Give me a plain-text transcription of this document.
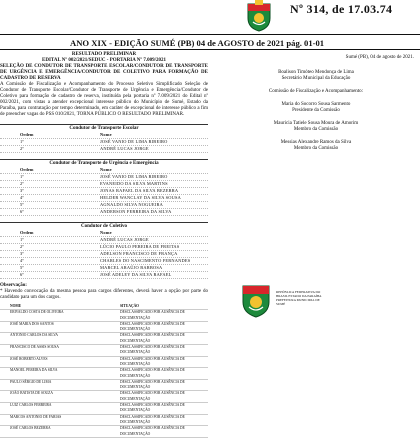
Nº 314, de 17.03.74
ANO XIX - EDIÇÃO SUMÉ (PB) 04 de AGOSTO de 2021 pág. 01-01
RESULTADO PRELIMINAR
EDITAL Nº 002/2021/SEDUC - PORTARIA Nº 7.009/2021
SELEÇÃO DE CONDUTOR DE TRANSPORTE ESCOLAR/CONDUTOR DE TRANSPORTE DE URGÊNCIA E EMERGÊNCIA/CONDUTOR DE COLETIVO PARA FORMAÇÃO DE CADASTRO DE RESERVA
A Comissão de Fiscalização e Acompanhamento do Processo Seletivo Simplificado Seleção de Condutor de Transporte Escolar/Condutor de Transporte de Urgência e Emergência/Condutor de Coletivo para formação de cadastro de reserva, instituída pela portaria nº 7.009/2021 do Edital nº 002/2021, com vistas a atender excepcional interesse público do Município de Sumé, Estado da Paraíba, para contratação por tempo determinado, em caráter de excepcional de interesse público a fim de preencher vagas do PSS 010/2021, TORNA PÚBLICO O RESULTADO PRELIMINAR.
Condutor de Transporte Escolar
Ordem	Nome
1º	JOSÉ VANIO DE LIMA RIBEIRO
2º	ANDRÉ LUCAS JORGE
Condutor de Transporte de Urgência e Emergência
Ordem	Nome
1º	JOSÉ VANIO DE LIMA RIBEIRO
2º	EVANEIDO DA SILVA MARTINS
3º	JONAS RAFAEL DA SILVA BEZERRA
4º	HELDER WANCLAY DA SILVA SOUSA
5º	AGNALDO SILVA NOGUEIRA
6º	ANDERSON FERREIRA DA SILVA
Condutor de Coletivo
Ordem	Nome
1º	ANDRÉ LUCAS JORGE
2º	LÚCIO PAULO PEREIRA DE FREITAS
3º	ADELSON FRANCISCO DE FRANÇA
4º	CHARLES DO NASCIMENTO FERNANDES
5º	MARCEL ARAÚJO BARBOSA
6º	JOSÉ ADELEY DA SILVA RAFAEL
Observação:
* Havendo convocação da mesma pessoa para cargos diferentes, deverá haver a opção por parte do candidato para um dos cargos.
NOME	SITUAÇÃO
ERIVALDO COSTA DE OLIVEIRA	DESCLASSIFICADO POR AUSÊNCIA DE DOCUMENTAÇÃO
JOSÉ MARIA DOS SANTOS	DESCLASSIFICADO POR AUSÊNCIA DE DOCUMENTAÇÃO
ANTONIO CARLOS DA SILVA	DESCLASSIFICADO POR AUSÊNCIA DE DOCUMENTAÇÃO
FRANCISCO DE ASSIS SOUSA	DESCLASSIFICADO POR AUSÊNCIA DE DOCUMENTAÇÃO
JOSÉ ROBERTO ALVES	DESCLASSIFICADO POR AUSÊNCIA DE DOCUMENTAÇÃO
MANOEL PEREIRA DA SILVA	DESCLASSIFICADO POR AUSÊNCIA DE DOCUMENTAÇÃO
PAULO SÉRGIO DE LIMA	DESCLASSIFICADO POR AUSÊNCIA DE DOCUMENTAÇÃO
JOÃO BATISTA DE SOUZA	DESCLASSIFICADO POR AUSÊNCIA DE DOCUMENTAÇÃO
LUIZ CARLOS FERREIRA	DESCLASSIFICADO POR AUSÊNCIA DE DOCUMENTAÇÃO
MARCOS ANTONIO DE FARIAS	DESCLASSIFICADO POR AUSÊNCIA DE DOCUMENTAÇÃO
JOSÉ CARLOS BEZERRA	DESCLASSIFICADO POR AUSÊNCIA DE DOCUMENTAÇÃO
Sumé (PB), 04 de agosto de 2021.
Boalison Timóteo Mendonça de Lima
Secretário Municipal da Educação
Comissão de Fiscalização e Acompanhamento:
Maria do Socorro Sousa Sarmento
Presidente da Comissão
Mauricia Tatiele Sousa Moura de Amorim
Membro da Comissão
Messias Alexandre Ramos da Silva
Membro da Comissão
REPÚBLICA FEDERATIVA DO BRASIL ESTADO DA PARAÍBA PREFEITURA MUNICIPAL DE SUMÉ
